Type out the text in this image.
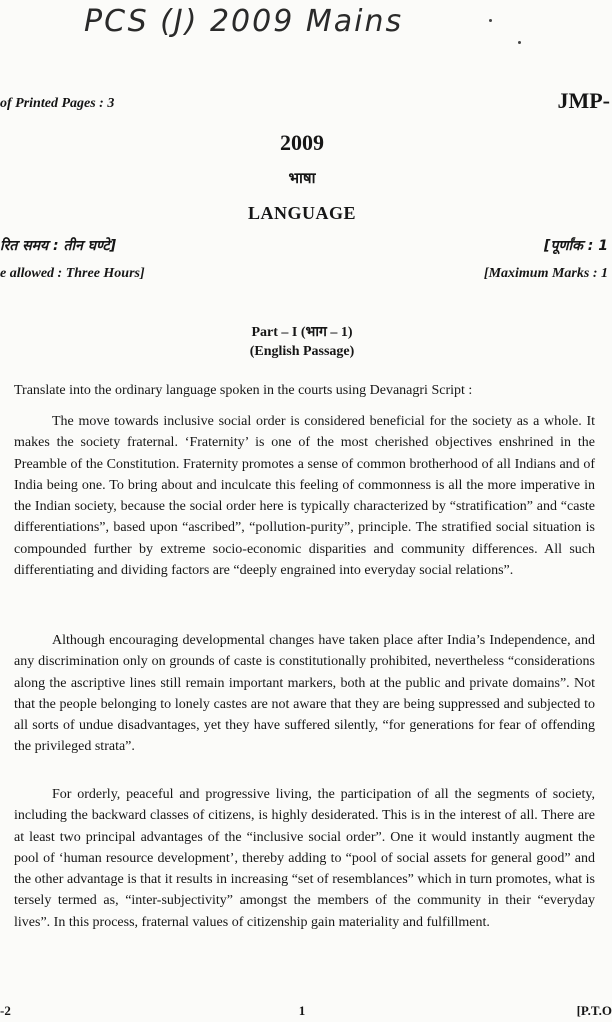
PCS (J) 2009 Mains
of Printed Pages : 3	JMP-
2009
भाषा
LANGUAGE
रित समय : तीन घण्टे]	[पूर्णांक : 1
e allowed : Three Hours]	[Maximum Marks : 1
Part – I (भाग – 1)
(English Passage)
Translate into the ordinary language spoken in the courts using Devanagri Script :

The move towards inclusive social order is considered beneficial for the society as a whole. It makes the society fraternal. ‘Fraternity’ is one of the most cherished objectives enshrined in the Preamble of the Constitution. Fraternity promotes a sense of common brotherhood of all Indians and of India being one. To bring about and inculcate this feeling of commonness is all the more imperative in the Indian society, because the social order here is typically characterized by “stratification” and “caste differentiations”, based upon “ascribed”, “pollution-purity”, principle. The stratified social situation is compounded further by extreme socio-economic disparities and community differences. All such differentiating and dividing factors are “deeply engrained into everyday social relations”.

Although encouraging developmental changes have taken place after India’s Independence, and any discrimination only on grounds of caste is constitutionally prohibited, nevertheless “considerations along the ascriptive lines still remain important markers, both at the public and private domains”. Not that the people belonging to lonely castes are not aware that they are being suppressed and subjected to all sorts of undue disadvantages, yet they have suffered silently, “for generations for fear of offending the privileged strata”.

For orderly, peaceful and progressive living, the participation of all the segments of society, including the backward classes of citizens, is highly desiderated. This is in the interest of all. There are at least two principal advantages of the “inclusive social order”. One it would instantly augment the pool of ‘human resource development’, thereby adding to “pool of social assets for general good” and the other advantage is that it results in increasing “set of resemblances” which in turn promotes, what is tersely termed as, “inter-subjectivity” amongst the members of the community in their “everyday lives”. In this process, fraternal values of citizenship gain materiality and fulfillment.

-2	1	[P.T.O
